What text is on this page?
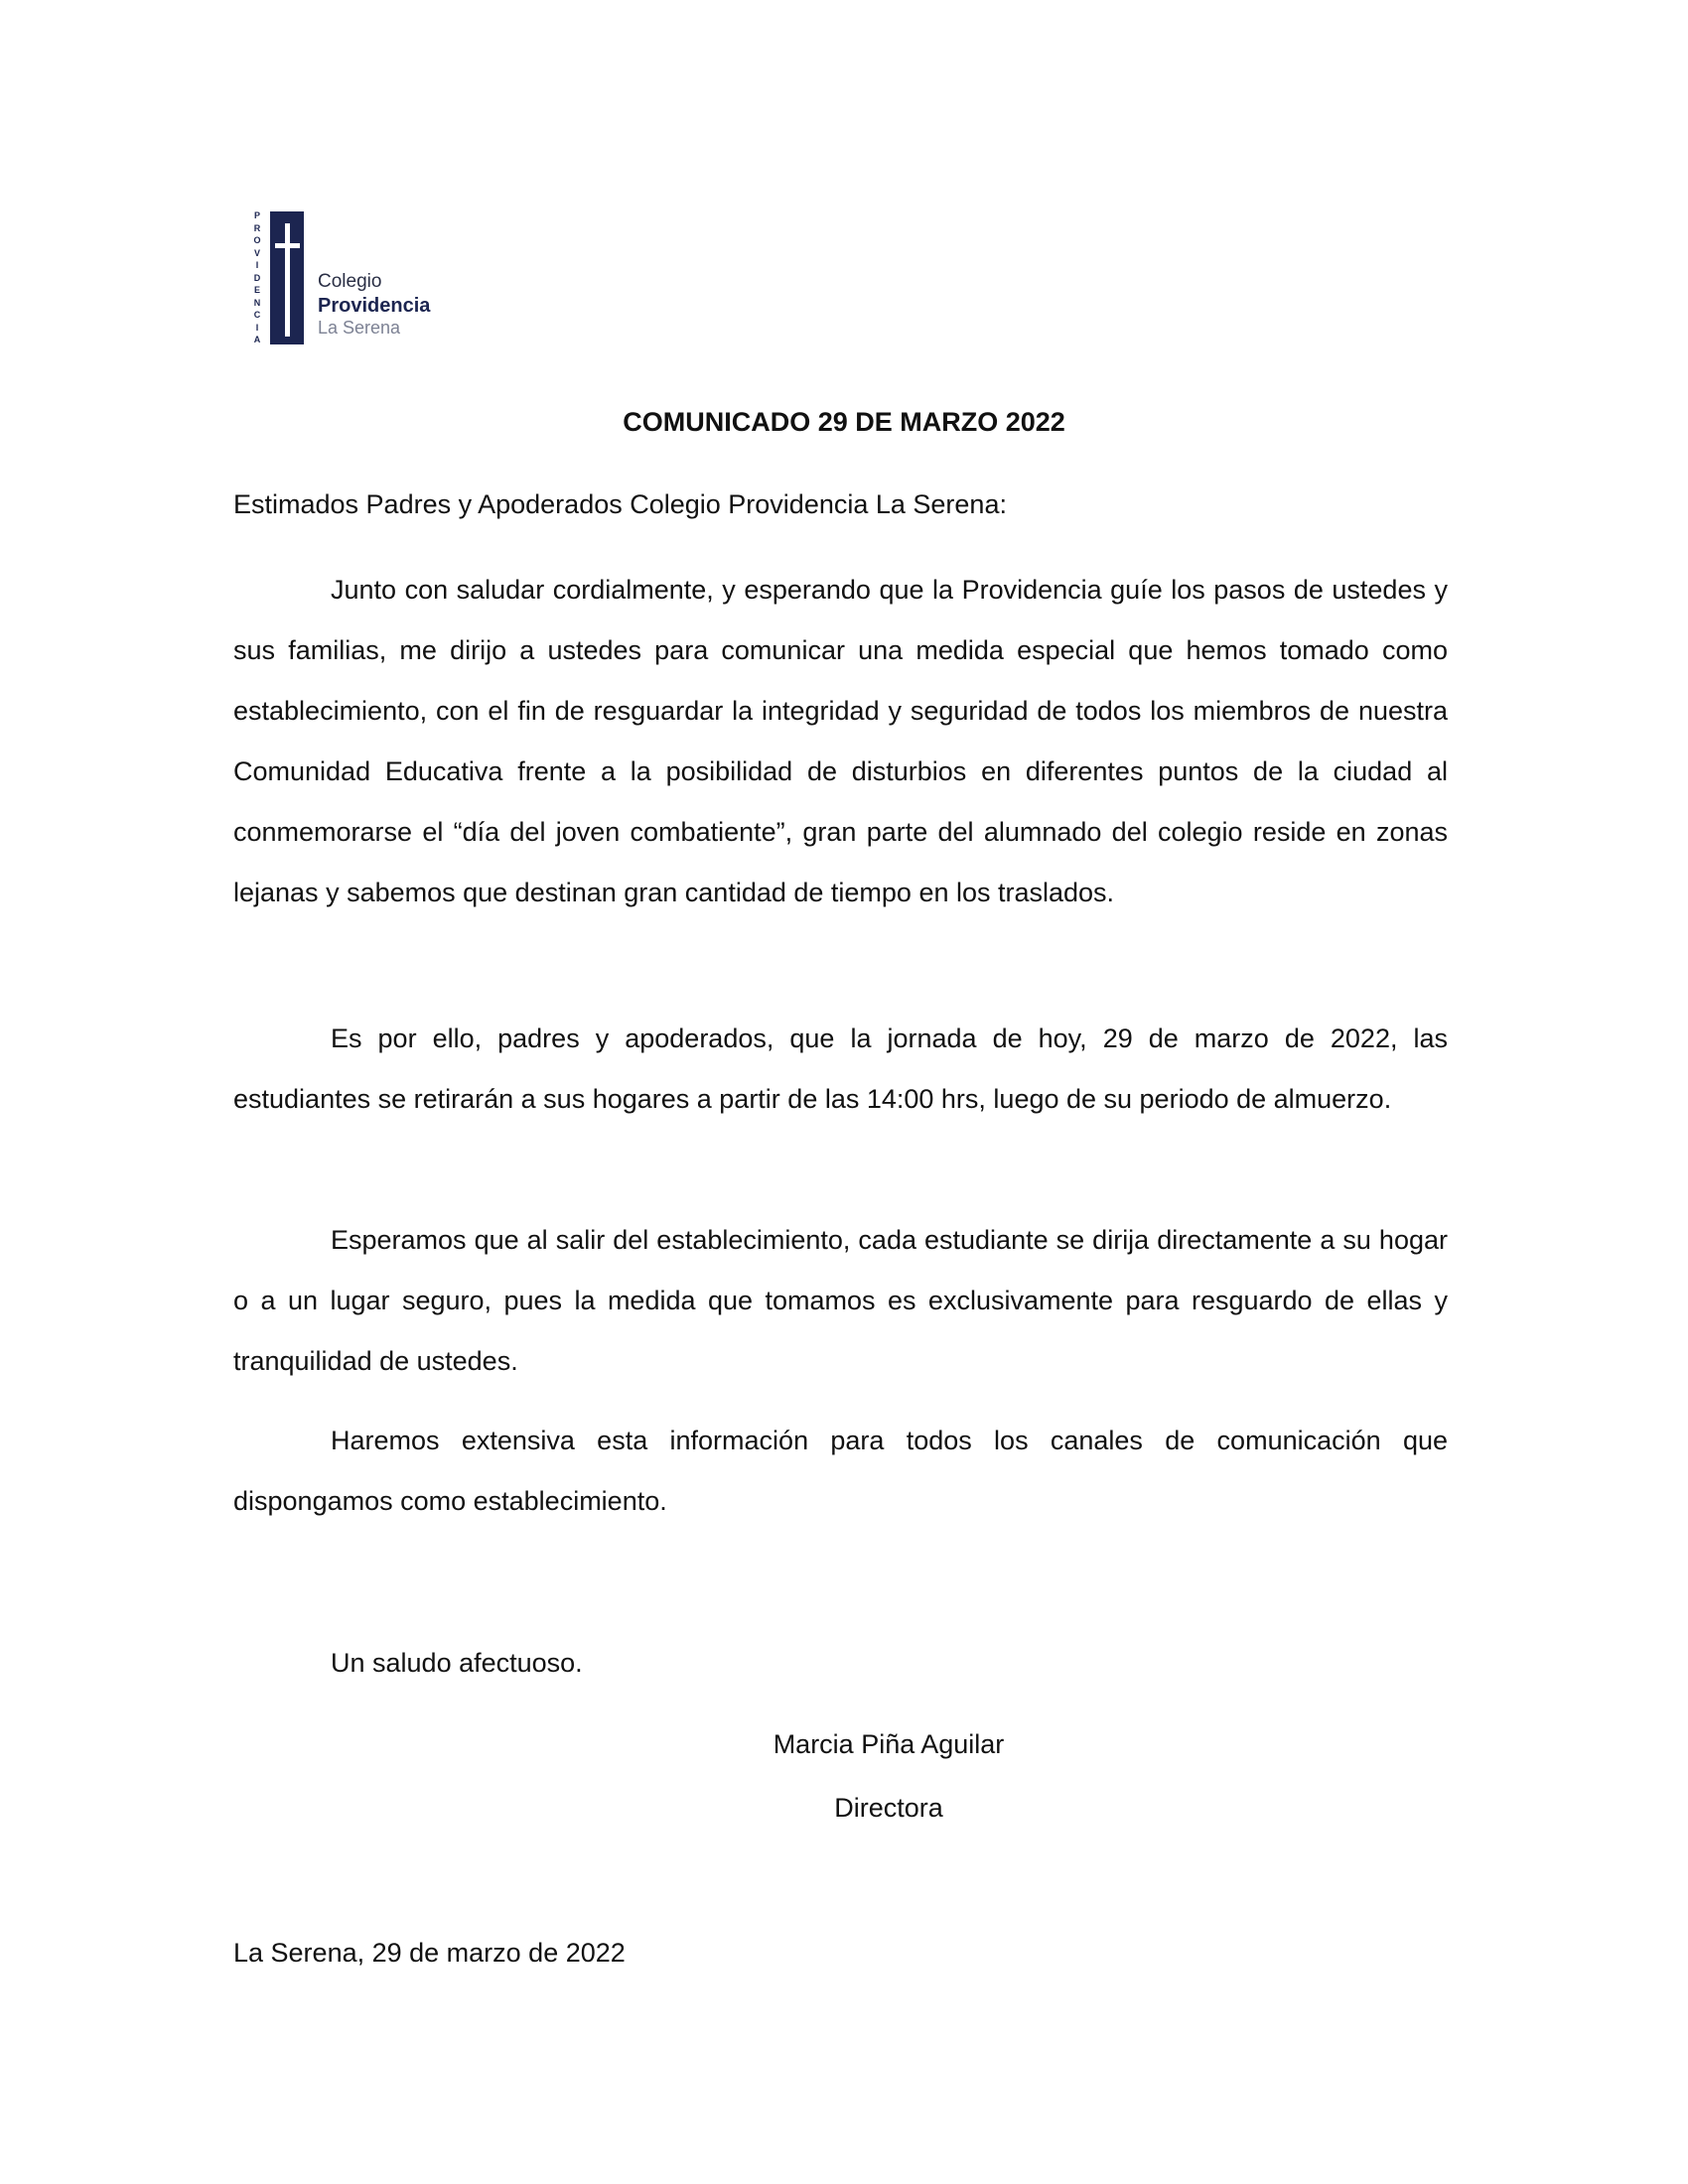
P
R
O
V
I
D
E
N
C
I
A
Colegio
Providencia
La Serena
COMUNICADO 29 DE MARZO 2022

Estimados Padres y Apoderados Colegio Providencia La Serena:

Junto con saludar cordialmente, y esperando que la Providencia guíe los pasos de ustedes y sus familias, me dirijo a ustedes para comunicar una medida especial que hemos tomado como establecimiento, con el fin de resguardar la integridad y seguridad de todos los miembros de nuestra Comunidad Educativa frente a la posibilidad de disturbios en diferentes puntos de la ciudad al conmemorarse el “día del joven combatiente”, gran parte del alumnado del colegio reside en zonas lejanas y sabemos que destinan gran cantidad de tiempo en los traslados.

Es por ello, padres y apoderados, que la jornada de hoy, 29 de marzo de 2022, las estudiantes se retirarán a sus hogares a partir de las 14:00 hrs, luego de su periodo de almuerzo.

Esperamos que al salir del establecimiento, cada estudiante se dirija directamente a su hogar o a un lugar seguro, pues la medida que tomamos es exclusivamente para resguardo de ellas y tranquilidad de ustedes.

Haremos extensiva esta información para todos los canales de comunicación que dispongamos como establecimiento.

Un saludo afectuoso.

Marcia Piña Aguilar

Directora

La Serena, 29 de marzo de 2022
